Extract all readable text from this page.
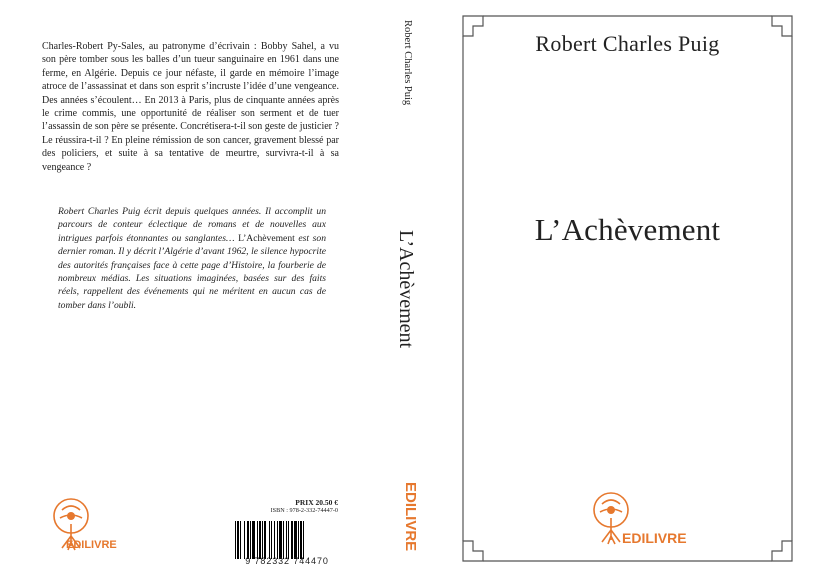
Charles-Robert Py-Sales, au patronyme d’écrivain : Bobby Sahel, a vu son père tomber sous les balles d’un tueur sanguinaire en 1961 dans une ferme, en Algérie. Depuis ce jour néfaste, il garde en mémoire l’image atroce de l’assassinat et dans son esprit s’incruste l’idée d’une vengeance. Des années s’écoulent… En 2013 à Paris, plus de cinquante années après le crime commis, une opportunité de réaliser son serment et de tuer l’assassin de son père se présente. Concrétisera-t-il son geste de justicier ? Le réussira-t-il ? En pleine rémission de son cancer, gravement blessé par des policiers, et suite à sa tentative de meurtre, survivra-t-il à sa vengeance ?

Robert Charles Puig écrit depuis quelques années. Il accomplit un parcours de conteur éclectique de romans et de nouvelles aux intrigues parfois étonnantes ou sanglantes… L’Achèvement est son dernier roman. Il y décrit l’Algérie d’avant 1962, le silence hypocrite des autorités françaises face à cette page d’Histoire, la fourberie de nombreux médias. Les situations imaginées, basées sur des faits réels, rappellent des événements qui ne méritent en aucun cas de tomber dans l’oubli.

EDILIVRE
PRIX 20.50 €
ISBN : 978-2-332-74447-0
9 782332 744470
Robert Charles Puig
L’Achèvement
EDILIVRE
Robert Charles Puig
L’Achèvement
EDILIVRE
